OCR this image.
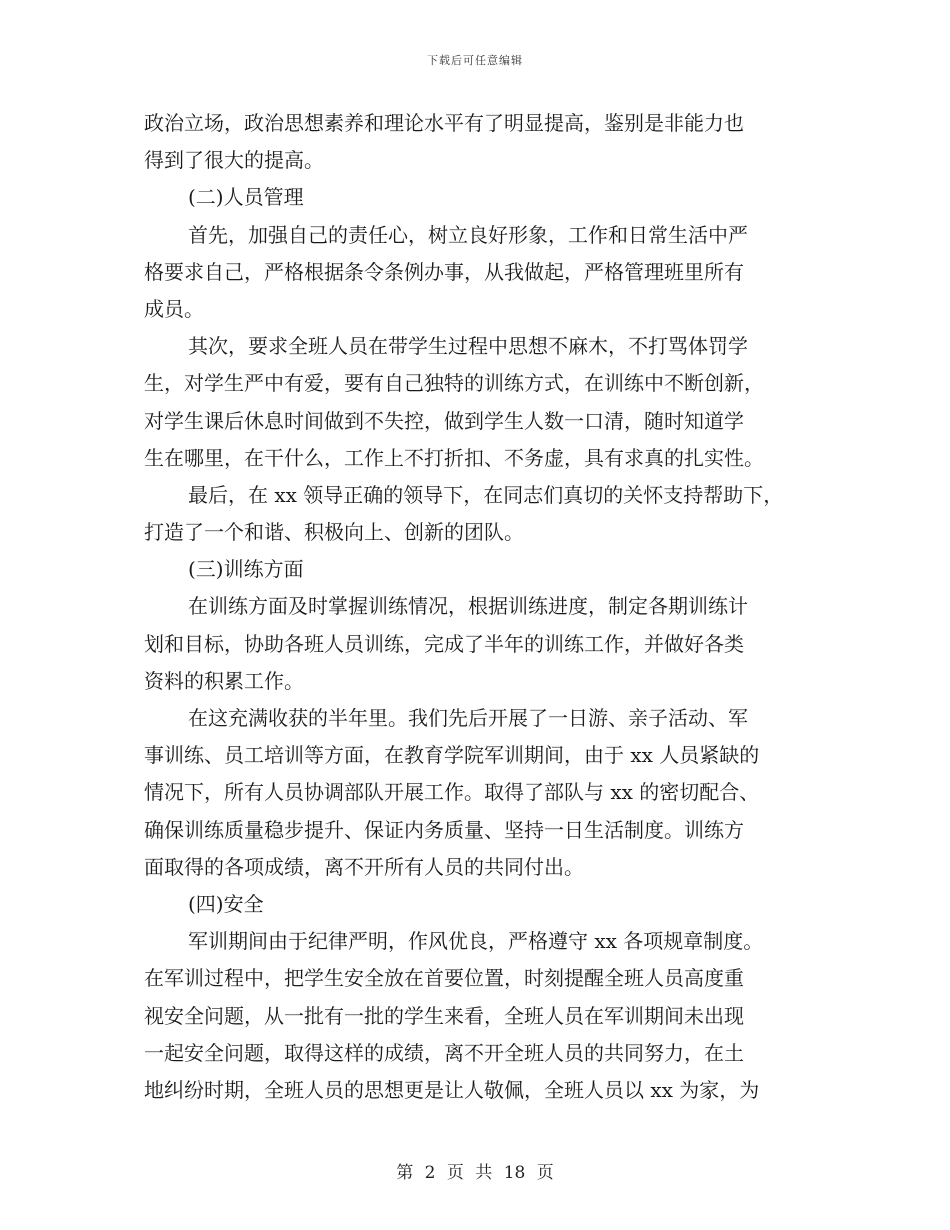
下载后可任意编辑
政治立场，政治思想素养和理论水平有了明显提高，鉴别是非能力也
得到了很大的提高。
(二)人员管理
首先，加强自己的责任心，树立良好形象，工作和日常生活中严
格要求自己，严格根据条令条例办事，从我做起，严格管理班里所有
成员。
其次，要求全班人员在带学生过程中思想不麻木，不打骂体罚学
生，对学生严中有爱，要有自己独特的训练方式，在训练中不断创新，
对学生课后休息时间做到不失控，做到学生人数一口清，随时知道学
生在哪里，在干什么，工作上不打折扣、不务虚，具有求真的扎实性。
最后，在 xx 领导正确的领导下，在同志们真切的关怀支持帮助下，
打造了一个和谐、积极向上、创新的团队。
(三)训练方面
在训练方面及时掌握训练情况，根据训练进度，制定各期训练计
划和目标，协助各班人员训练，完成了半年的训练工作，并做好各类
资料的积累工作。
在这充满收获的半年里。我们先后开展了一日游、亲子活动、军
事训练、员工培训等方面，在教育学院军训期间，由于 xx 人员紧缺的
情况下，所有人员协调部队开展工作。取得了部队与 xx 的密切配合、
确保训练质量稳步提升、保证内务质量、坚持一日生活制度。训练方
面取得的各项成绩，离不开所有人员的共同付出。
(四)安全
军训期间由于纪律严明，作风优良，严格遵守 xx 各项规章制度。
在军训过程中，把学生安全放在首要位置，时刻提醒全班人员高度重
视安全问题，从一批有一批的学生来看，全班人员在军训期间未出现
一起安全问题，取得这样的成绩，离不开全班人员的共同努力，在土
地纠纷时期，全班人员的思想更是让人敬佩，全班人员以 xx 为家，为
第 2 页 共 18 页
